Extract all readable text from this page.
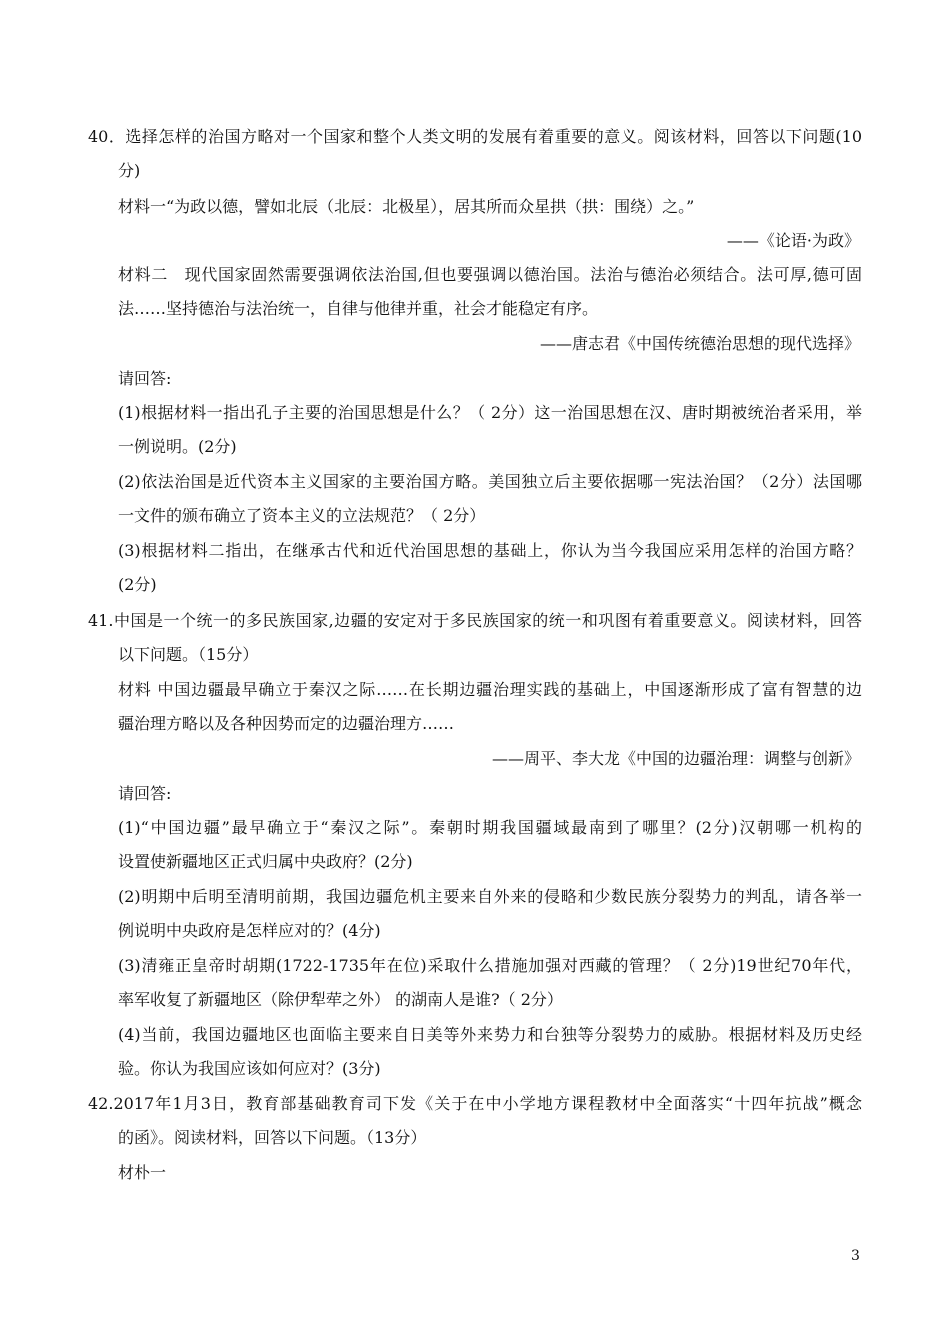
40．选择怎样的治国方略对一个国家和整个人类文明的发展有着重要的意义。阅该材料，回答以下问题(10
分)
材料一“为政以德，譬如北辰（北辰：北极星），居其所而众星拱（拱：围绕）之。”
——《论语·为政》
材料二　现代国家固然需要强调依法治国,但也要强调以德治国。法治与德治必须结合。法可厚,德可固
法……坚持德治与法治统一，自律与他律并重，社会才能稳定有序。
——唐志君《中国传统德治思想的现代选择》
请回答:
(1)根据材料一指出孔子主要的治国思想是什么？（ 2分）这一治国思想在汉、唐时期被统治者采用，举
一例说明。(2分)
(2)依法治国是近代资本主义国家的主要治国方略。美国独立后主要依据哪一宪法治国？（2分）法国哪
一文件的颁布确立了资本主义的立法规范？（ 2分）
(3)根据材料二指出，在继承古代和近代治国思想的基础上，你认为当今我国应采用怎样的治国方略？
(2分)
41.中国是一个统一的多民族国家,边疆的安定对于多民族国家的统一和巩图有着重要意义。阅读材料，回答
以下问题。（15分）
材料 中国边疆最早确立于秦汉之际……在长期边疆治理实践的基础上，中国逐渐形成了富有智慧的边
疆治理方略以及各种因势而定的边疆治理方……
——周平、李大龙《中国的边疆治理：调整与创新》
请回答:
(1)“中国边疆”最早确立于“秦汉之际”。秦朝时期我国疆域最南到了哪里？(2分)汉朝哪一机构的
设置使新疆地区正式归属中央政府？(2分)
(2)明期中后明至清明前期，我国边疆危机主要来自外来的侵略和少数民族分裂势力的判乱，请各举一
例说明中央政府是怎样应对的？(4分)
(3)清雍正皇帝时胡期(1722-1735年在位)采取什么措施加强对西藏的管理？（ 2分)19世纪70年代，
率军收复了新疆地区（除伊犁荦之外） 的湖南人是谁?（ 2分）
(4)当前，我国边疆地区也面临主要来自日美等外来势力和台独等分裂势力的威胁。根据材料及历史经
验。你认为我国应该如何应对？(3分)
42.2017年1月3日，教育部基础教育司下发《关于在中小学地方课程教材中全面落实“十四年抗战”概念
的函》。阅读材料，回答以下问题。（13分）
材朴一
3
